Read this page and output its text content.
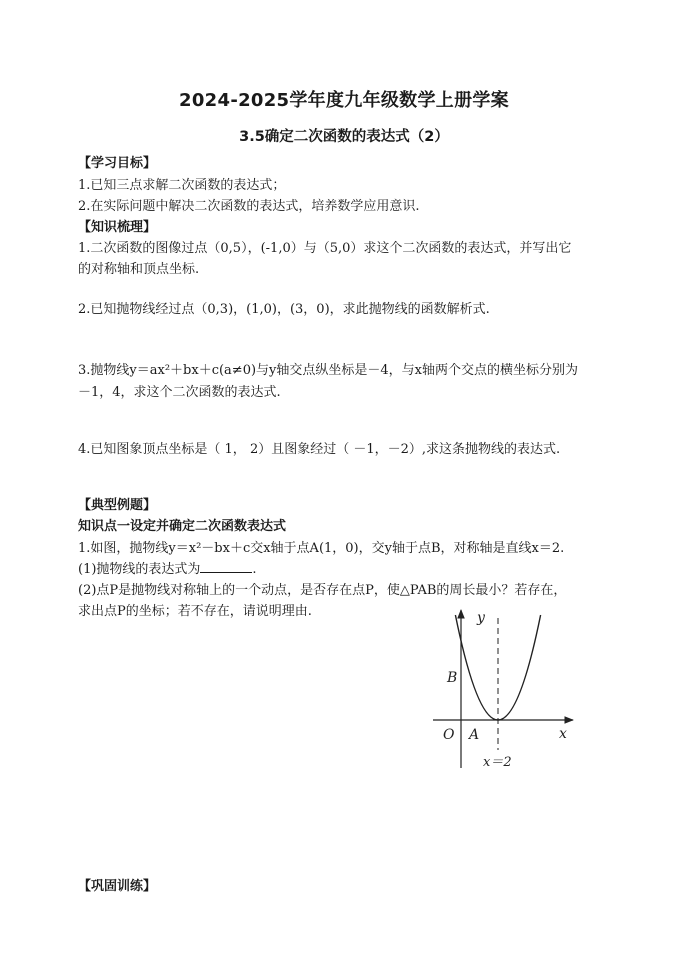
2024-2025学年度九年级数学上册学案
3.5确定二次函数的表达式（2）
【学习目标】
1.已知三点求解二次函数的表达式；
2.在实际问题中解决二次函数的表达式，培养数学应用意识.
【知识梳理】
1.二次函数的图像过点（0,5），(-1,0）与（5,0）求这个二次函数的表达式，并写出它
的对称轴和顶点坐标.
2.已知抛物线经过点（0,3)，(1,0)，(3，0)，求此抛物线的函数解析式.
3.抛物线y＝ax²＋bx＋c(a≠0)与y轴交点纵坐标是－4，与x轴两个交点的横坐标分别为
－1，4，求这个二次函数的表达式.
4.已知图象顶点坐标是（ 1， 2）且图象经过（ －1，－2）,求这条抛物线的表达式.
【典型例题】
知识点一设定并确定二次函数表达式
1.如图，抛物线y＝x²－bx＋c交x轴于点A(1，0)，交y轴于点B，对称轴是直线x＝2.
(1)抛物线的表达式为	.
(2)点P是抛物线对称轴上的一个动点，是否存在点P，使△PAB的周长最小？若存在，
求出点P的坐标；若不存在，请说明理由.	y
x
B
O A
x＝2
【巩固训练】
